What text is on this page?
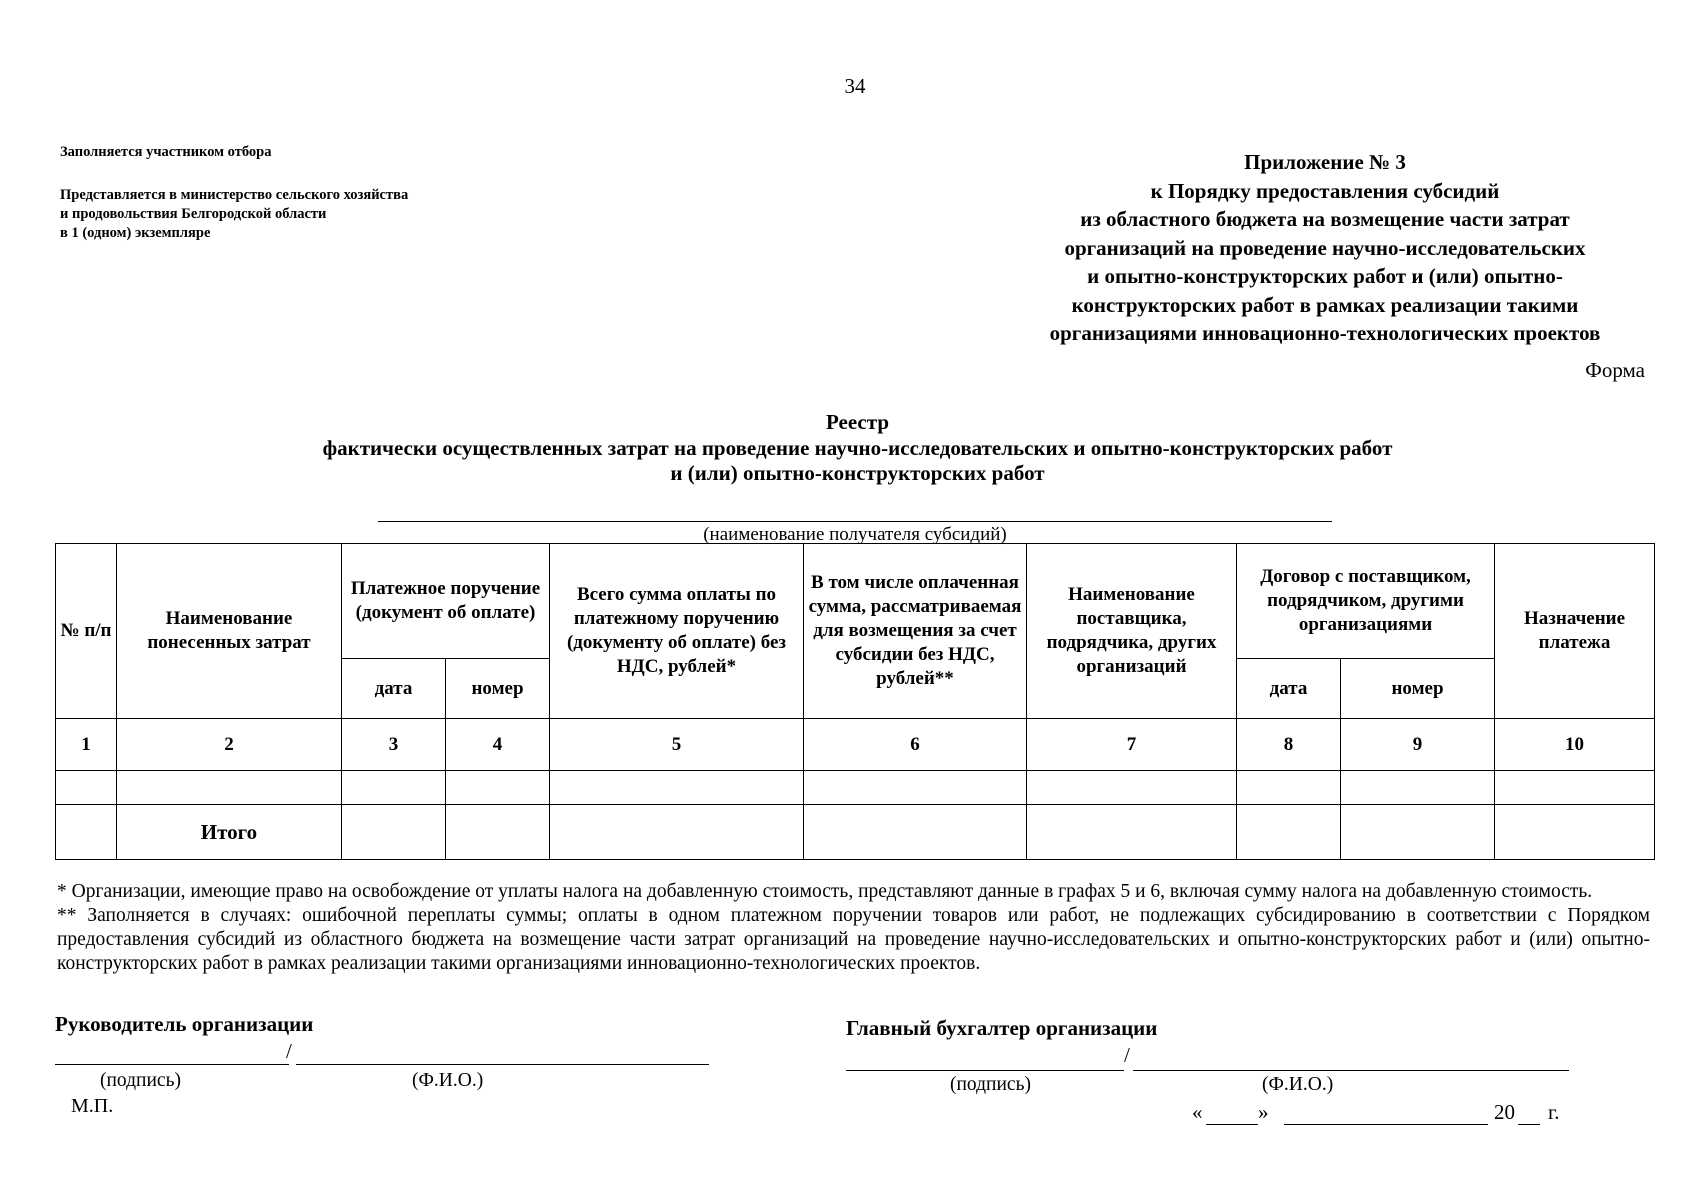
34
Заполняется участником отбора
Представляется в министерство сельского хозяйства
и продовольствия Белгородской области
в 1 (одном) экземпляре
Приложение № 3
к Порядку предоставления субсидий
из областного бюджета на возмещение части затрат
организаций на проведение научно-исследовательских
и опытно-конструкторских работ и (или) опытно-
конструкторских работ в рамках реализации такими
организациями инновационно-технологических проектов
Форма
Реестр
фактически осуществленных затрат на проведение научно-исследовательских и опытно-конструкторских работ
и (или) опытно-конструкторских работ
(наименование получателя субсидий)
№ п/п	Наименование понесенных затрат	Платежное поручение (документ об оплате)		Всего сумма оплаты по платежному поручению (документу об оплате) без НДС, рублей*	В том числе оплаченная сумма, рассматриваемая для возмещения за счет субсидии без НДС, рублей**	Наименование поставщика, подрядчика, других организаций	Договор с поставщиком, подрядчиком, другими организациями		Назначение платежа
		дата	номер				дата	номер	
1	2	3	4	5	6	7	8	9	10

	Итого								

* Организации, имеющие право на освобождение от уплаты налога на добавленную стоимость, представляют данные в графах 5 и 6, включая сумму налога на добавленную стоимость.

** Заполняется в случаях: ошибочной переплаты суммы; оплаты в одном платежном поручении товаров или работ, не подлежащих субсидированию в соответствии с Порядком предоставления субсидий из областного бюджета на возмещение части затрат организаций на проведение научно-исследовательских и опытно-конструкторских работ и (или) опытно-конструкторских работ в рамках реализации такими организациями инновационно-технологических проектов.

Руководитель организации
/
(подпись)	(Ф.И.О.)
М.П.
Главный бухгалтер организации
/
(подпись)	(Ф.И.О.)
«	»	20 г.
